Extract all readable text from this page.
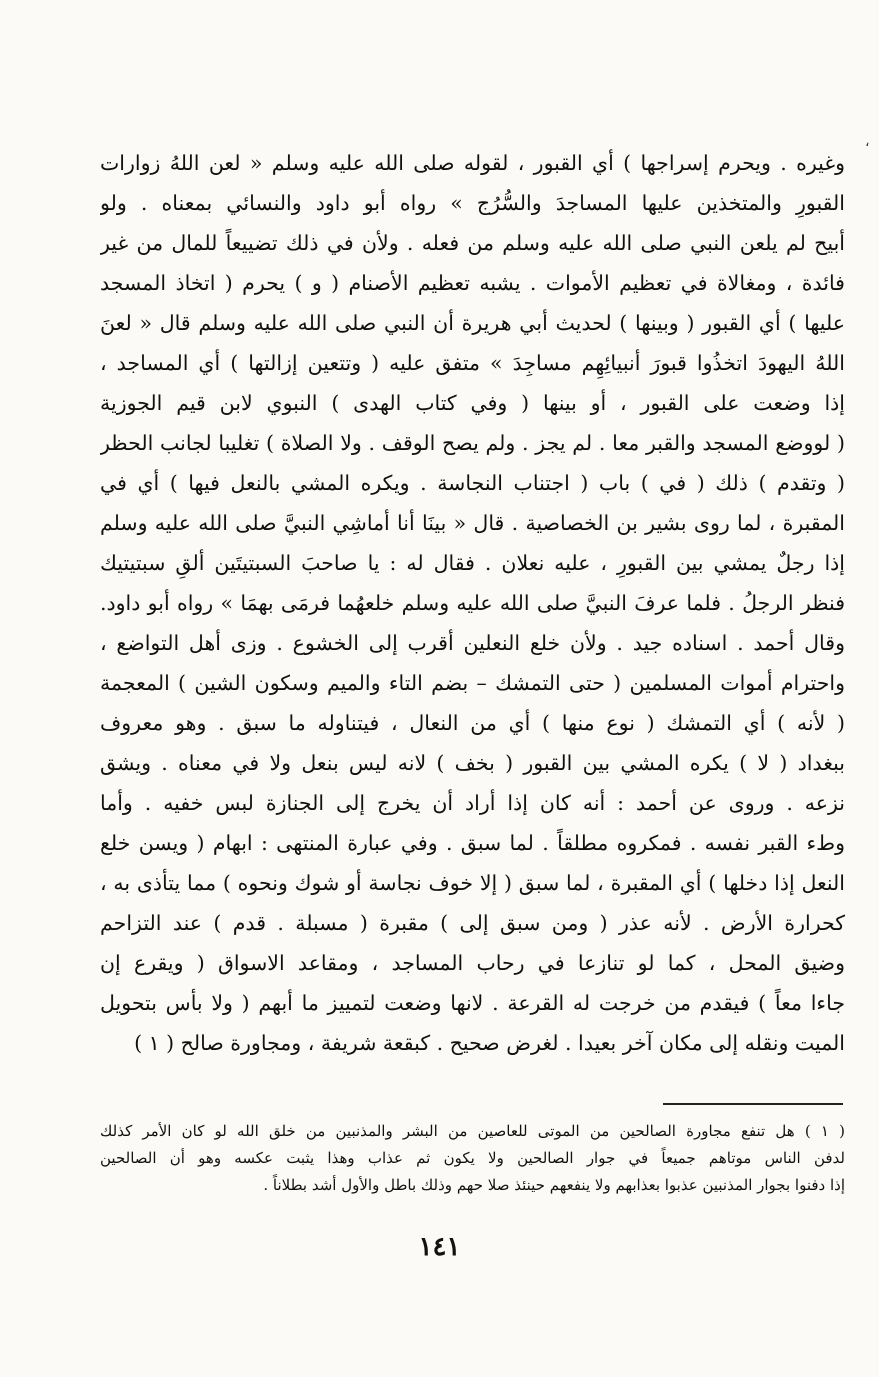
،
وغيره . ويحرم إسراجها ) أي القبور ، لقوله صلى الله عليه وسلم « لعن اللهُ زوارات
القبورِ والمتخذين عليها المساجدَ والسُّرُج » رواه أبو داود والنسائي بمعناه . ولو
أبيح لم يلعن النبي صلى الله عليه وسلم من فعله . ولأن في ذلك تضييعاً للمال من غير
فائدة ، ومغالاة في تعظيم الأموات . يشبه تعظيم الأصنام ( و ) يحرم ( اتخاذ المسجد
عليها ) أي القبور ( وبينها ) لحديث أبي هريرة أن النبي صلى الله عليه وسلم قال « لعنَ
اللهُ اليهودَ اتخذُوا قبورَ أنبيائِهِم مساجِدَ » متفق عليه ( وتتعين إزالتها ) أي المساجد ،
إذا وضعت على القبور ، أو بينها ( وفي كتاب الهدى ) النبوي لابن قيم الجوزية
( لووضع المسجد والقبر معا . لم يجز . ولم يصح الوقف . ولا الصلاة ) تغليبا لجانب الحظر
( وتقدم ) ذلك ( في ) باب ( اجتناب النجاسة . ويكره المشي بالنعل فيها ) أي في
المقبرة ، لما روى بشير بن الخصاصية . قال « بينَا أنا أماشِي النبيَّ صلى الله عليه وسلم
إذا رجلٌ يمشي بين القبورِ ، عليه نعلان . فقال له : يا صاحبَ السبتيتَين ألقِ سبتيتيك
فنظر الرجلُ . فلما عرفَ النبيَّ صلى الله عليه وسلم خلعهُما فرمَى بهمَا » رواه أبو داود.
وقال أحمد . اسناده جيد . ولأن خلع النعلين أقرب إلى الخشوع . وزى أهل التواضع ،
واحترام أموات المسلمين ( حتى التمشك – بضم التاء والميم وسكون الشين ) المعجمة
( لأنه ) أي التمشك ( نوع منها ) أي من النعال ، فيتناوله ما سبق . وهو معروف
ببغداد ( لا ) يكره المشي بين القبور ( بخف ) لانه ليس بنعل ولا في معناه . ويشق
نزعه . وروى عن أحمد : أنه كان إذا أراد أن يخرج إلى الجنازة لبس خفيه . وأما
وطء القبر نفسه . فمكروه مطلقاً . لما سبق . وفي عبارة المنتهى : ابهام ( ويسن خلع
النعل إذا دخلها ) أي المقبرة ، لما سبق ( إلا خوف نجاسة أو شوك ونحوه ) مما يتأذى به ،
كحرارة الأرض . لأنه عذر ( ومن سبق إلى ) مقبرة ( مسبلة . قدم ) عند التزاحم
وضيق المحل ، كما لو تنازعا في رحاب المساجد ، ومقاعد الاسواق ( ويقرع إن
جاءا معاً ) فيقدم من خرجت له القرعة . لانها وضعت لتمييز ما أبهم ( ولا بأس بتحويل
الميت ونقله إلى مكان آخر بعيدا . لغرض صحيح . كبقعة شريفة ، ومجاورة صالح ( ١ )
( ١ ) هل تنفع مجاورة الصالحين من الموتى للعاصين من البشر والمذنبين من خلق الله لو كان الأمر كذلك
لدفن الناس موتاهم جميعاً في جوار الصالحين ولا يكون ثم عذاب وهذا يثبت عكسه وهو أن الصالحين
إذا دفنوا بجوار المذنبين عذبوا بعذابهم ولا ينفعهم حينئذ صلا حهم وذلك باطل والأول أشد بطلاناً .
١٤١
